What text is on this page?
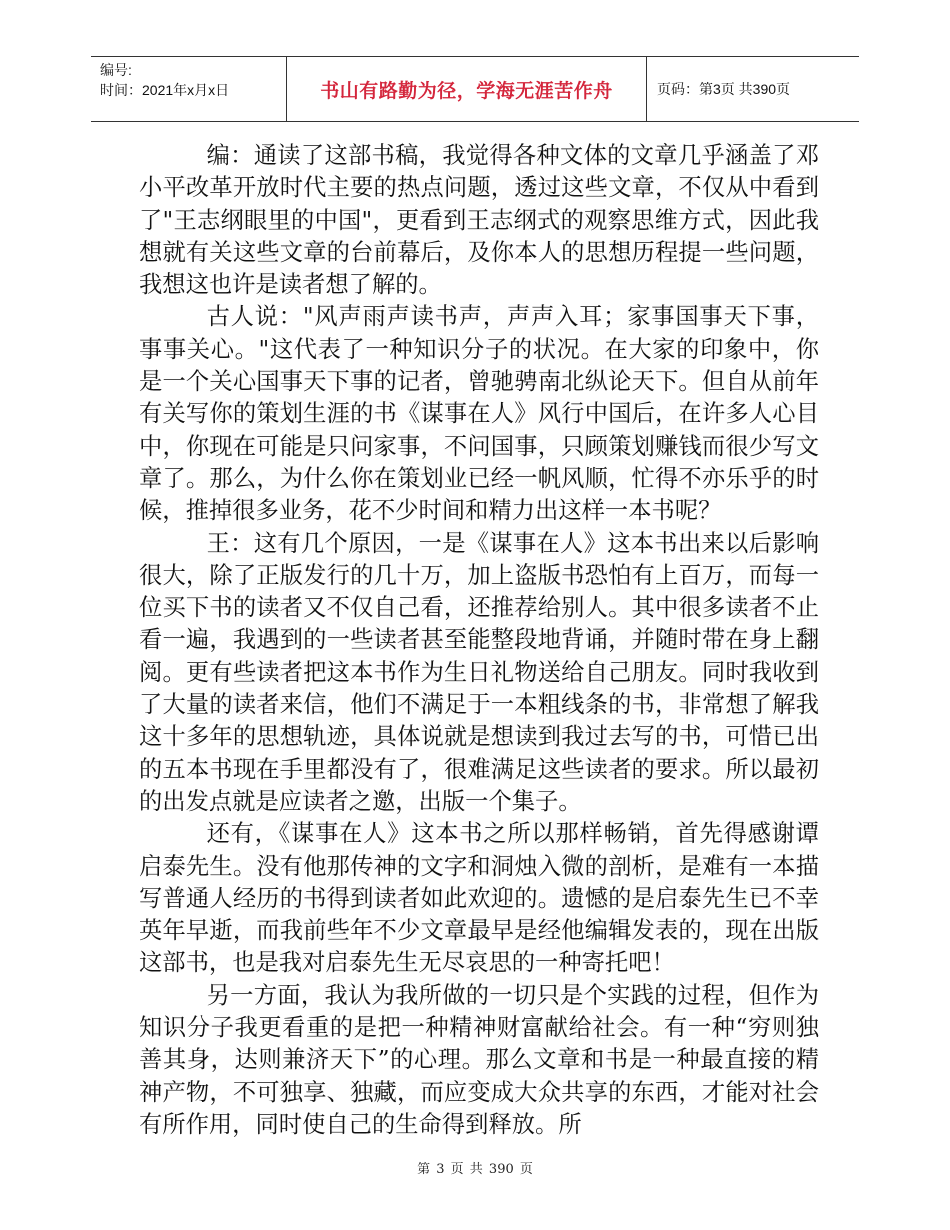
编号:
时间：2021年x月x日	书山有路勤为径，学海无涯苦作舟	页码：第3页 共390页

编：通读了这部书稿，我觉得各种文体的文章几乎涵盖了邓小平改革开放时代主要的热点问题，透过这些文章，不仅从中看到了"王志纲眼里的中国"，更看到王志纲式的观察思维方式，因此我想就有关这些文章的台前幕后，及你本人的思想历程提一些问题，我想这也许是读者想了解的。

古人说："风声雨声读书声，声声入耳；家事国事天下事，事事关心。"这代表了一种知识分子的状况。在大家的印象中，你是一个关心国事天下事的记者，曾驰骋南北纵论天下。但自从前年有关写你的策划生涯的书《谋事在人》风行中国后，在许多人心目中，你现在可能是只问家事，不问国事，只顾策划赚钱而很少写文章了。那么，为什么你在策划业已经一帆风顺，忙得不亦乐乎的时候，推掉很多业务，花不少时间和精力出这样一本书呢？

王：这有几个原因，一是《谋事在人》这本书出来以后影响很大，除了正版发行的几十万，加上盗版书恐怕有上百万，而每一位买下书的读者又不仅自己看，还推荐给别人。其中很多读者不止看一遍，我遇到的一些读者甚至能整段地背诵，并随时带在身上翻阅。更有些读者把这本书作为生日礼物送给自己朋友。同时我收到了大量的读者来信，他们不满足于一本粗线条的书，非常想了解我这十多年的思想轨迹，具体说就是想读到我过去写的书，可惜已出的五本书现在手里都没有了，很难满足这些读者的要求。所以最初的出发点就是应读者之邀，出版一个集子。

还有，《谋事在人》这本书之所以那样畅销，首先得感谢谭启泰先生。没有他那传神的文字和洞烛入微的剖析，是难有一本描写普通人经历的书得到读者如此欢迎的。遗憾的是启泰先生已不幸英年早逝，而我前些年不少文章最早是经他编辑发表的，现在出版这部书，也是我对启泰先生无尽哀思的一种寄托吧！

另一方面，我认为我所做的一切只是个实践的过程，但作为知识分子我更看重的是把一种精神财富献给社会。有一种“穷则独善其身，达则兼济天下”的心理。那么文章和书是一种最直接的精神产物，不可独享、独藏，而应变成大众共享的东西，才能对社会有所作用，同时使自己的生命得到释放。所

第 3 页 共 390 页
